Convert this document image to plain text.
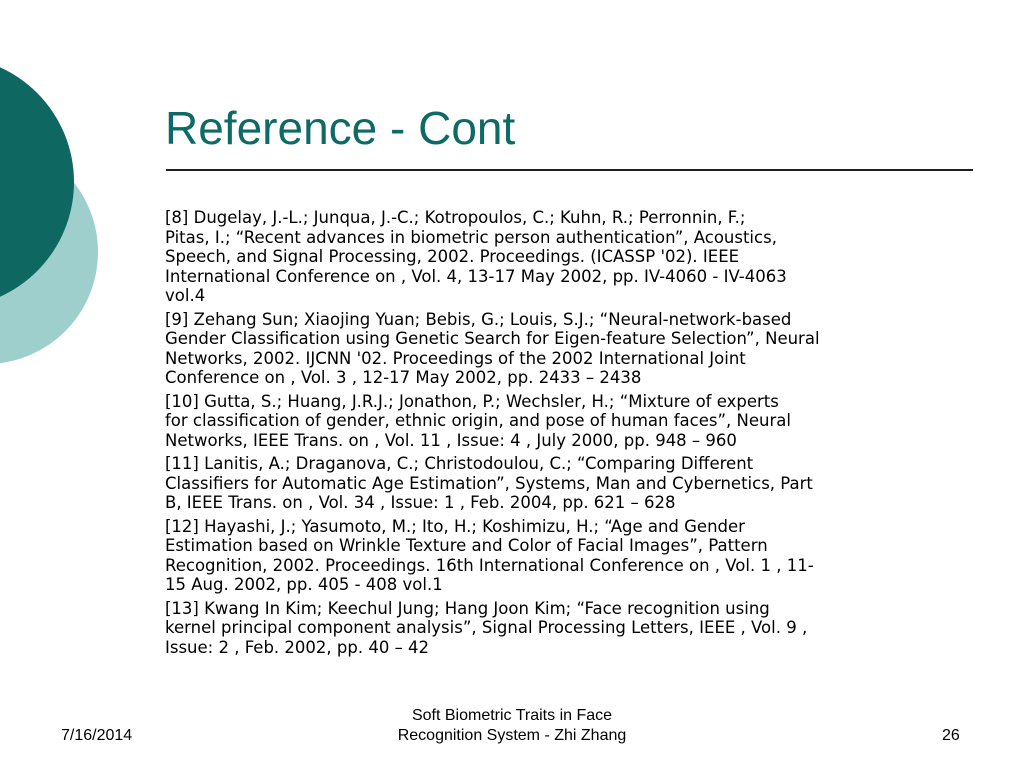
Reference - Cont
[8] Dugelay, J.-L.; Junqua, J.-C.; Kotropoulos, C.; Kuhn, R.; Perronnin, F.;
Pitas, I.; “Recent advances in biometric person authentication”, Acoustics,
Speech, and Signal Processing, 2002. Proceedings. (ICASSP '02). IEEE
International Conference on , Vol. 4, 13-17 May 2002, pp. IV-4060 - IV-4063
vol.4
[9] Zehang Sun; Xiaojing Yuan; Bebis, G.; Louis, S.J.; “Neural-network-based
Gender Classification using Genetic Search for Eigen-feature Selection”, Neural
Networks, 2002. IJCNN '02. Proceedings of the 2002 International Joint
Conference on , Vol. 3 , 12-17 May 2002, pp. 2433 – 2438
[10] Gutta, S.; Huang, J.R.J.; Jonathon, P.; Wechsler, H.; “Mixture of experts
for classification of gender, ethnic origin, and pose of human faces”, Neural
Networks, IEEE Trans. on , Vol. 11 , Issue: 4 , July 2000, pp. 948 – 960
[11] Lanitis, A.; Draganova, C.; Christodoulou, C.; “Comparing Different
Classifiers for Automatic Age Estimation”, Systems, Man and Cybernetics, Part
B, IEEE Trans. on , Vol. 34 , Issue: 1 , Feb. 2004, pp. 621 – 628
[12] Hayashi, J.; Yasumoto, M.; Ito, H.; Koshimizu, H.; “Age and Gender
Estimation based on Wrinkle Texture and Color of Facial Images”, Pattern
Recognition, 2002. Proceedings. 16th International Conference on , Vol. 1 , 11-
15 Aug. 2002, pp. 405 - 408 vol.1
[13] Kwang In Kim; Keechul Jung; Hang Joon Kim; “Face recognition using
kernel principal component analysis”, Signal Processing Letters, IEEE , Vol. 9 ,
Issue: 2 , Feb. 2002, pp. 40 – 42
7/16/2014
Soft Biometric Traits in Face
Recognition System - Zhi Zhang	26
